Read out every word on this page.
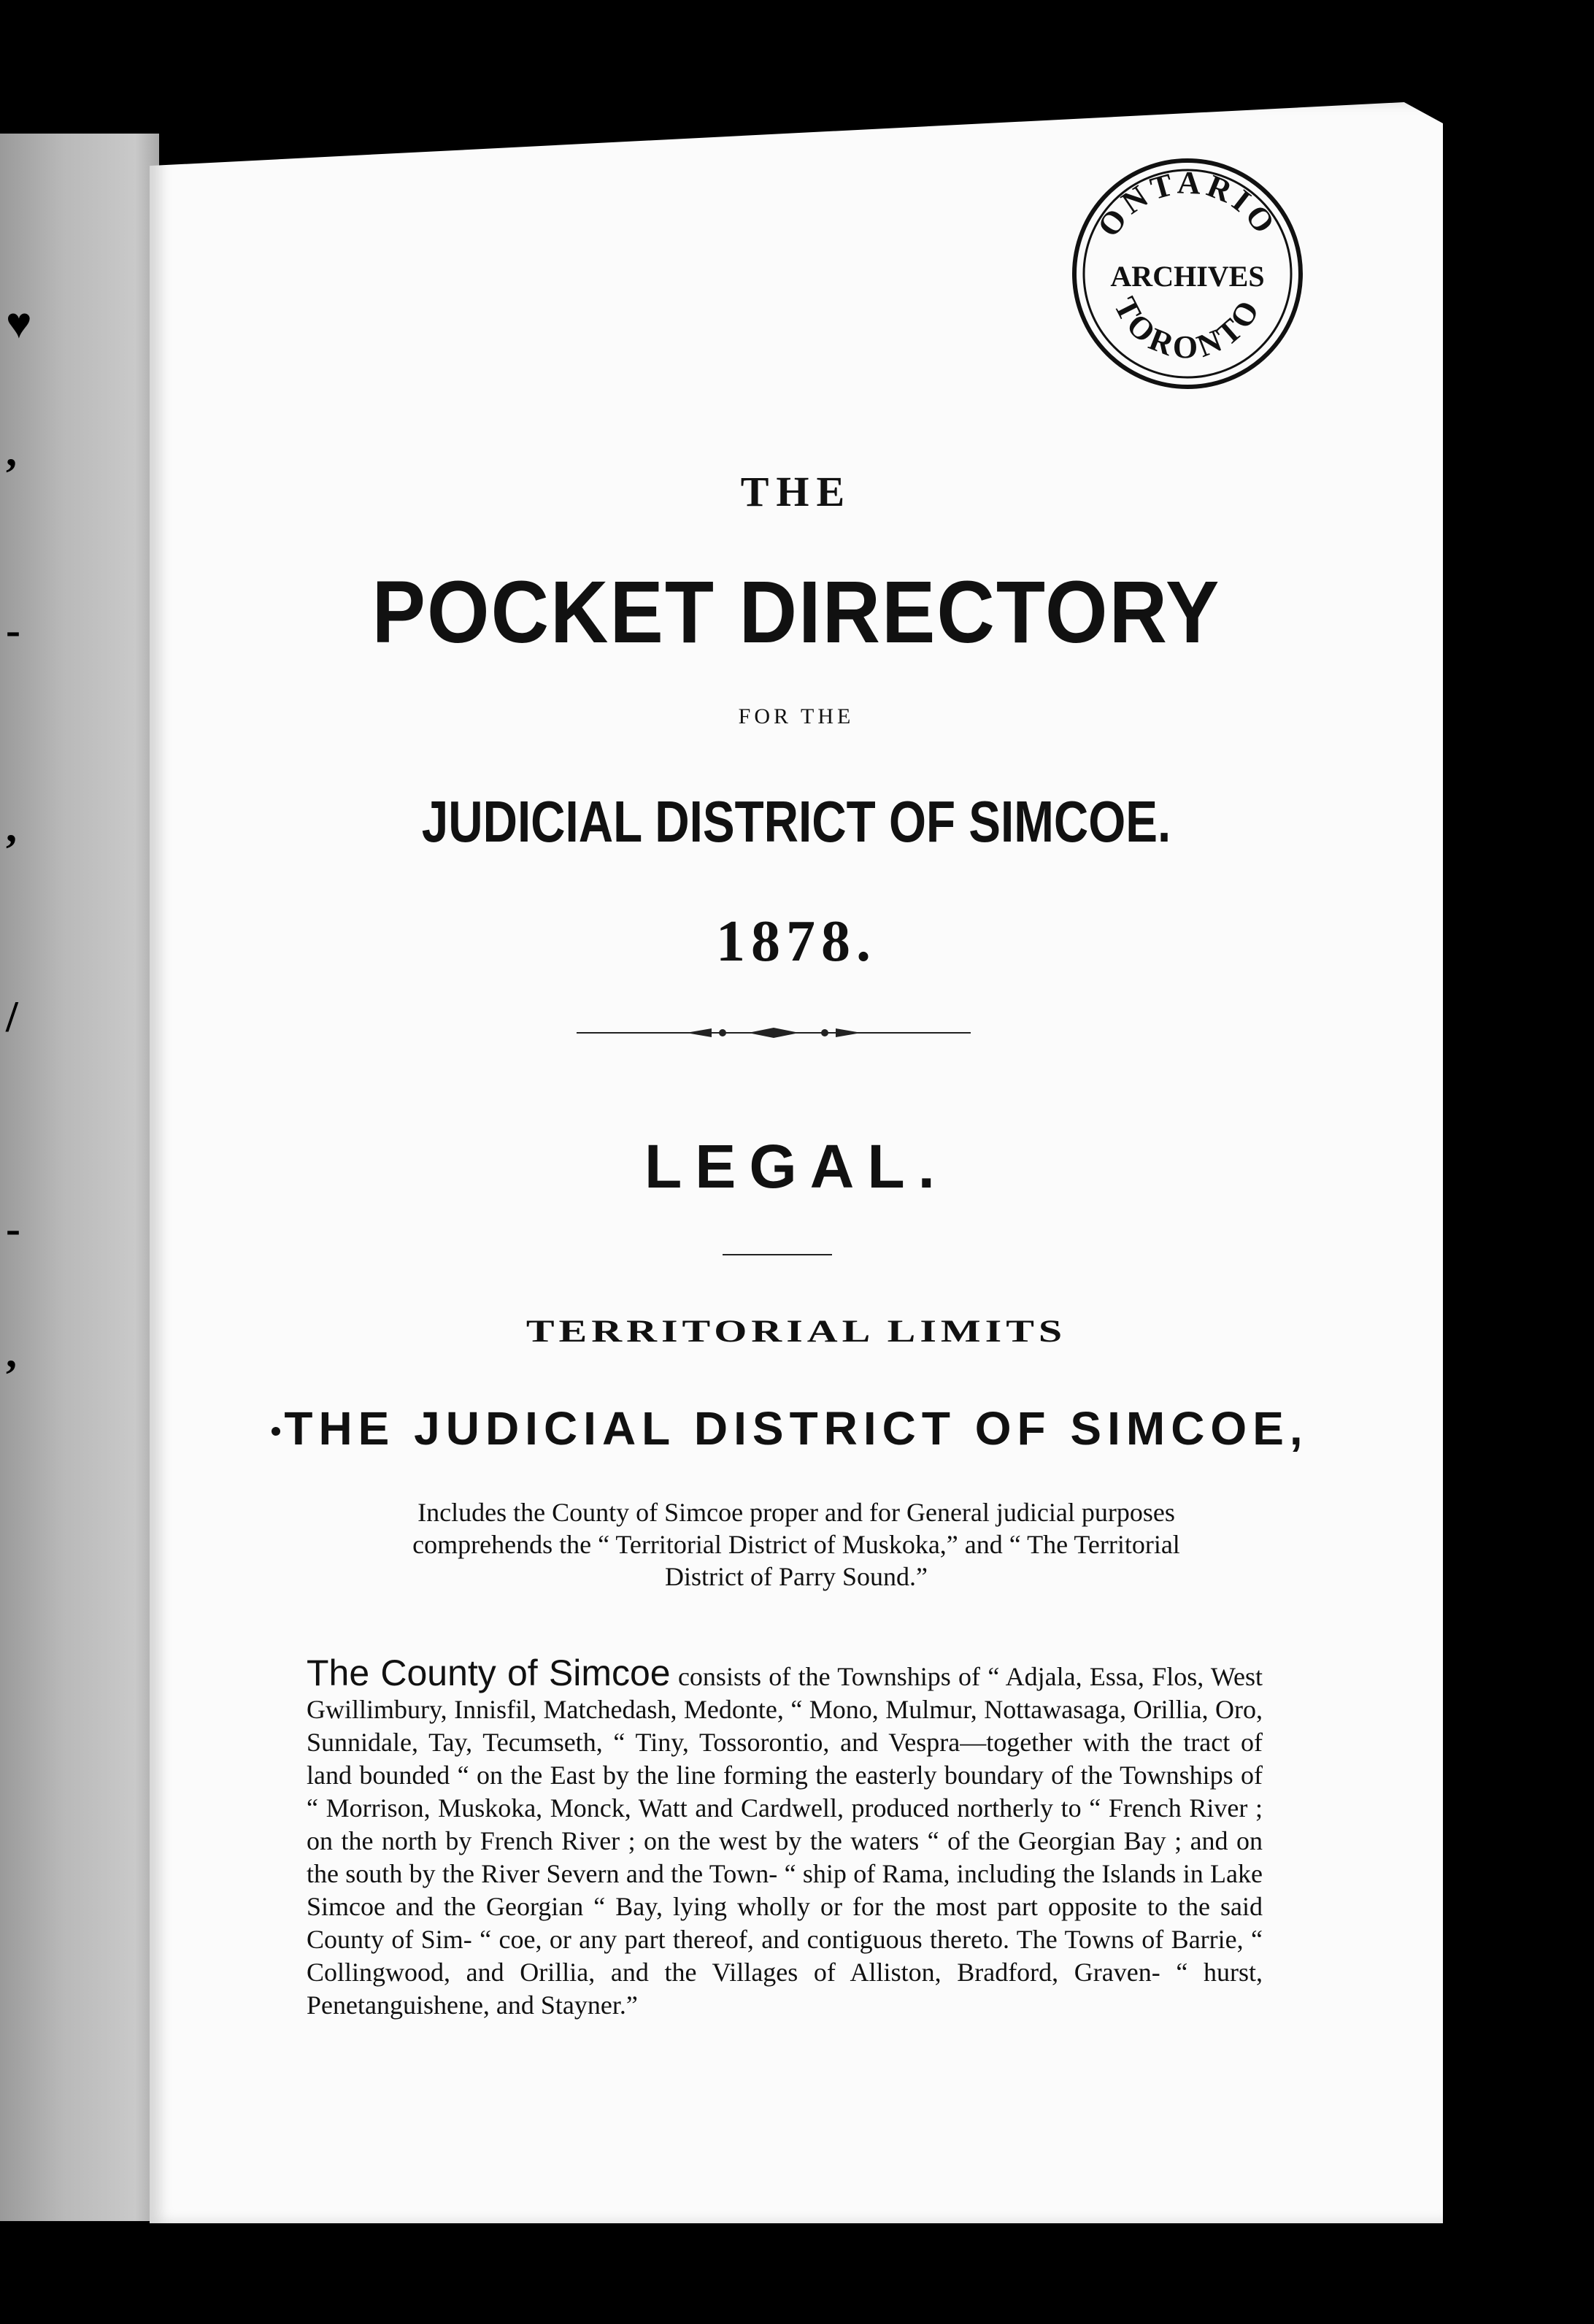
♥
,
-
,
/
-
,
ONTARIO
ARCHIVES
TORONTO
THE
POCKET DIRECTORY
FOR THE
JUDICIAL DISTRICT OF SIMCOE.
1878.
LEGAL.
TERRITORIAL LIMITS
THE JUDICIAL DISTRICT OF SIMCOE,
Includes the County of Simcoe proper and for General judicial purposes comprehends the “ Territorial District of Muskoka,” and “ The Territorial District of Parry Sound.”
The County of Simcoe consists of the Townships of “ Adjala, Essa, Flos, West Gwillimbury, Innisfil, Matchedash, Medonte, “ Mono, Mulmur, Nottawasaga, Orillia, Oro, Sunnidale, Tay, Tecumseth, “ Tiny, Tossorontio, and Vespra—together with the tract of land bounded “ on the East by the line forming the easterly boundary of the Townships of “ Morrison, Muskoka, Monck, Watt and Cardwell, produced northerly to “ French River ; on the north by French River ; on the west by the waters “ of the Georgian Bay ; and on the south by the River Severn and the Town- “ ship of Rama, including the Islands in Lake Simcoe and the Georgian “ Bay, lying wholly or for the most part opposite to the said County of Sim- “ coe, or any part thereof, and contiguous thereto. The Towns of Barrie, “ Collingwood, and Orillia, and the Villages of Alliston, Bradford, Graven- “ hurst, Penetanguishene, and Stayner.”
